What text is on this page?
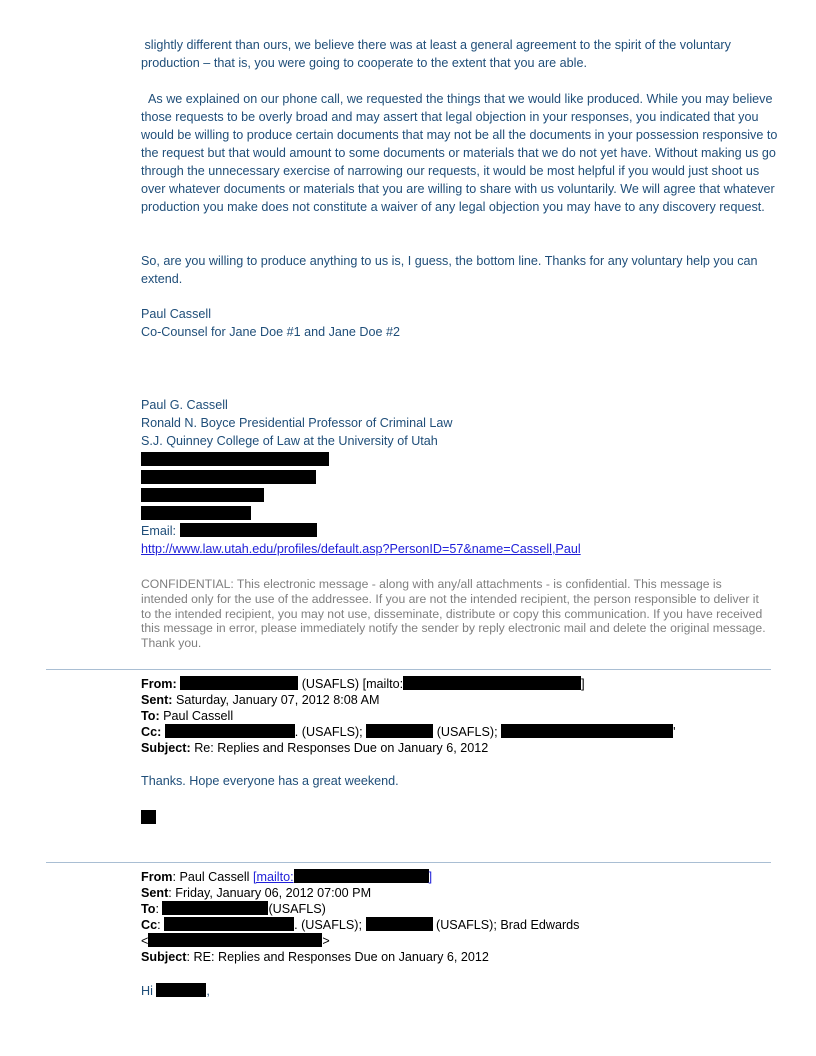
slightly different than ours, we believe there was at least a general agreement to the spirit of the voluntary production – that is, you were going to cooperate to the extent that you are able.

As we explained on our phone call, we requested the things that we would like produced. While you may believe those requests to be overly broad and may assert that legal objection in your responses, you indicated that you would be willing to produce certain documents that may not be all the documents in your possession responsive to the request but that would amount to some documents or materials that we do not yet have. Without making us go through the unnecessary exercise of narrowing our requests, it would be most helpful if you would just shoot us over whatever documents or materials that you are willing to share with us voluntarily. We will agree that whatever production you make does not constitute a waiver of any legal objection you may have to any discovery request.

So, are you willing to produce anything to us is, I guess, the bottom line. Thanks for any voluntary help you can extend.

Paul Cassell
Co-Counsel for Jane Doe #1 and Jane Doe #2
Paul G. Cassell
Ronald N. Boyce Presidential Professor of Criminal Law
S.J. Quinney College of Law at the University of Utah
Email:
http://www.law.utah.edu/profiles/default.asp?PersonID=57&name=Cassell,Paul

CONFIDENTIAL: This electronic message - along with any/all attachments - is confidential. This message is intended only for the use of the addressee. If you are not the intended recipient, the person responsible to deliver it to the intended recipient, you may not use, disseminate, distribute or copy this communication. If you have received this message in error, please immediately notify the sender by reply electronic mail and delete the original message. Thank you.

From:	(USAFLS) [mailto:	]
Sent: Saturday, January 07, 2012 8:08 AM
To: Paul Cassell
Cc:	. (USAFLS);	(USAFLS);	'
Subject: Re: Replies and Responses Due on January 6, 2012
Thanks. Hope everyone has a great weekend.
From: Paul Cassell [mailto:	]
Sent: Friday, January 06, 2012 07:00 PM
To:	(USAFLS)
Cc:	. (USAFLS);	(USAFLS); Brad Edwards
<	>
Subject: RE: Replies and Responses Due on January 6, 2012
Hi	,
